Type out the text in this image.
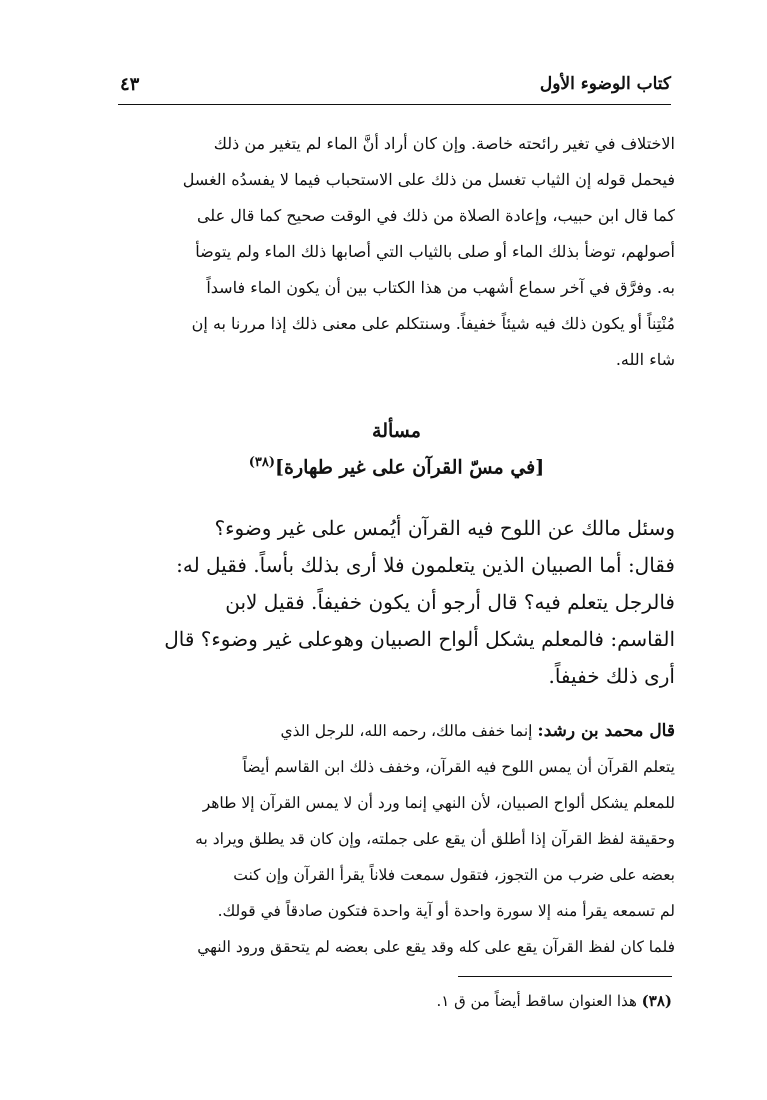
كتاب الوضوء الأول
٤٣

الاختلاف في تغير رائحته خاصة. وإن كان أراد أنَّ الماء لم يتغير من ذلك

فيحمل قوله إن الثياب تغسل من ذلك على الاستحباب فيما لا يفسدُه الغسل

كما قال ابن حبيب، وإعادة الصلاة من ذلك في الوقت صحيح كما قال على

أصولهم، توضأ بذلك الماء أو صلى بالثياب التي أصابها ذلك الماء ولم يتوضأ

به. وفرَّق في آخر سماع أشهب من هذا الكتاب بين أن يكون الماء فاسداً

مُنْتِناً أو يكون ذلك فيه شيئاً خفيفاً. وسنتكلم على معنى ذلك إذا مررنا به إن

شاء الله.

مسألة
[في مسّ القرآن على غير طهارة]$^{(٣٨)}$

وسئل مالك عن اللوح فيه القرآن أيُمس على غير وضوء؟

فقال: أما الصبيان الذين يتعلمون فلا أرى بذلك بأساً. فقيل له:

فالرجل يتعلم فيه؟ قال أرجو أن يكون خفيفاً. فقيل لابن

القاسم: فالمعلم يشكل ألواح الصبيان وهوعلى غير وضوء؟ قال

أرى ذلك خفيفاً.

قال محمد بن رشد: إنما خفف مالك، رحمه الله، للرجل الذي

يتعلم القرآن أن يمس اللوح فيه القرآن، وخفف ذلك ابن القاسم أيضاً

للمعلم يشكل ألواح الصبيان، لأن النهي إنما ورد أن لا يمس القرآن إلا طاهر

وحقيقة لفظ القرآن إذا أطلق أن يقع على جملته، وإن كان قد يطلق ويراد به

بعضه على ضرب من التجوز، فتقول سمعت فلاناً يقرأ القرآن وإن كنت

لم تسمعه يقرأ منه إلا سورة واحدة أو آية واحدة فتكون صادقاً في قولك.

فلما كان لفظ القرآن يقع على كله وقد يقع على بعضه لم يتحقق ورود النهي

(٣٨) هذا العنوان ساقط أيضاً من ق ١.
